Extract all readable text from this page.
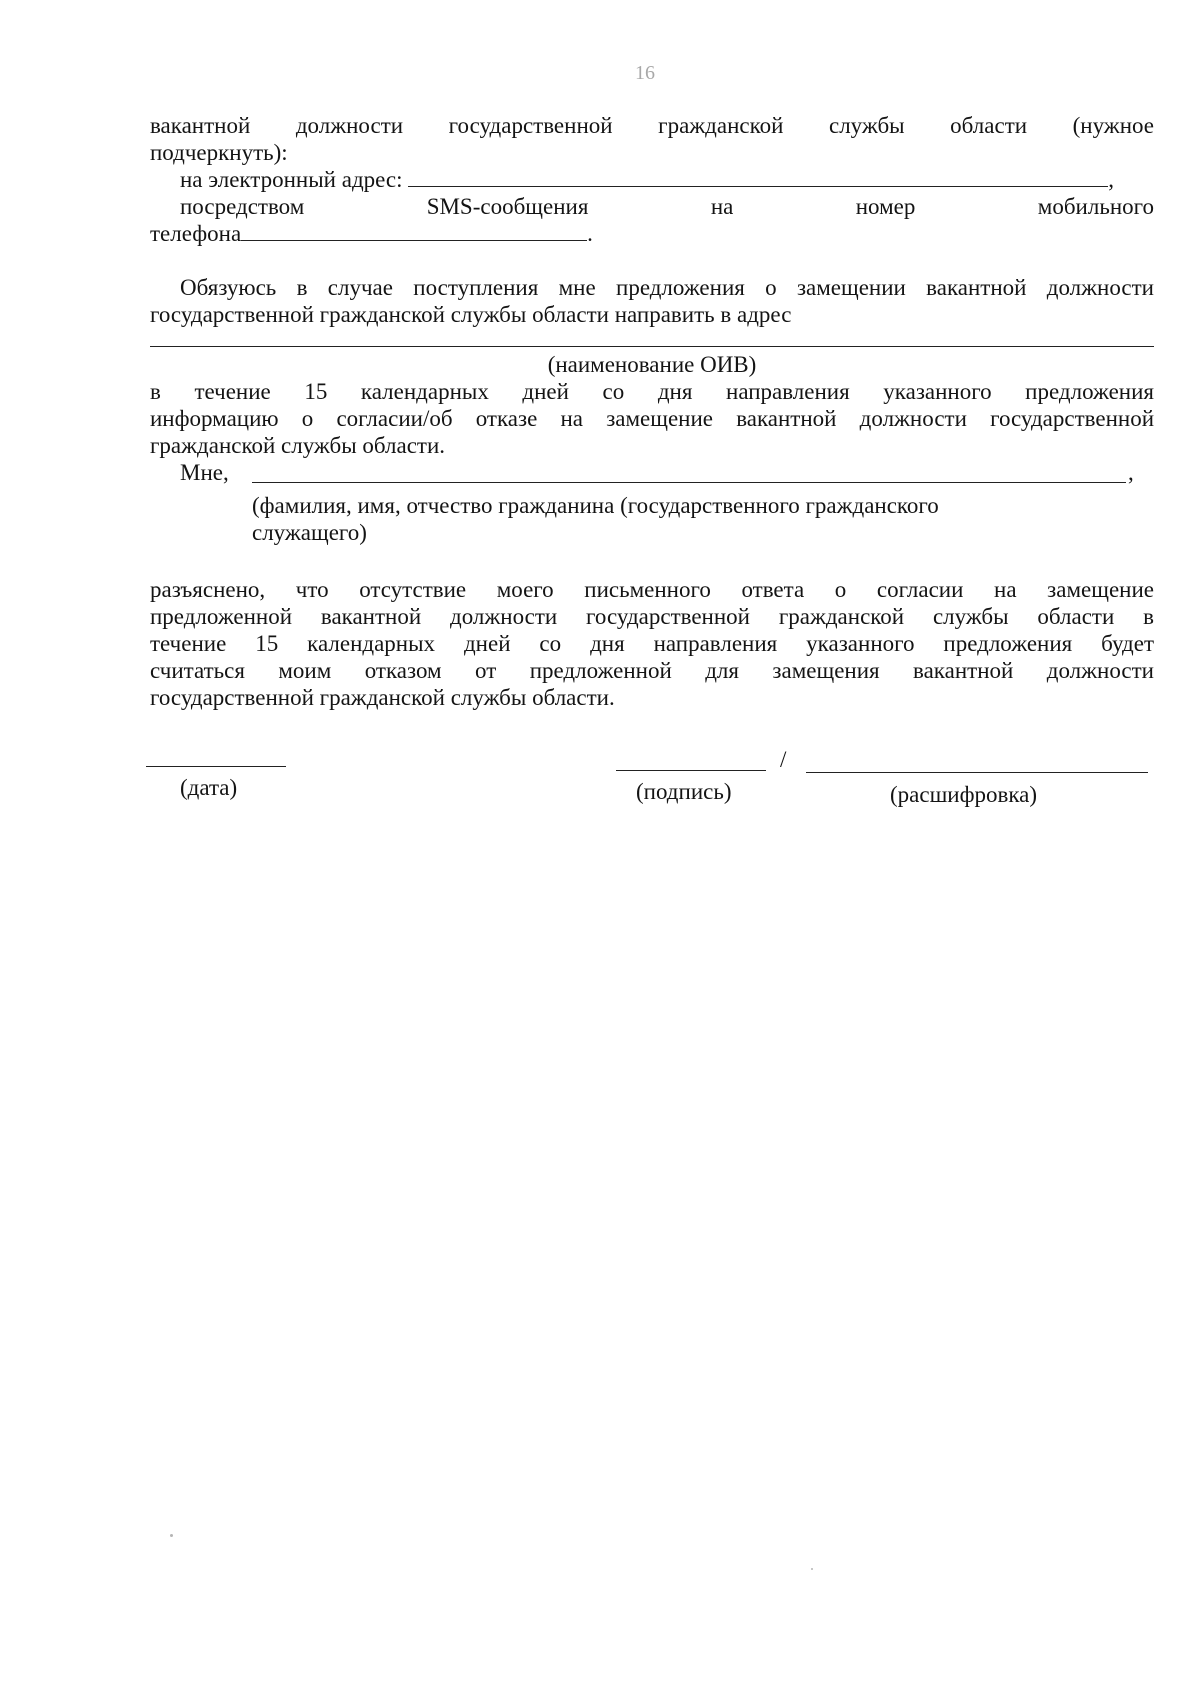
16
вакантной должности государственной гражданской службы области (нужное
подчеркнуть):
на электронный адрес:	,
посредством	SMS-сообщения	на	номер	мобильного
телефона	.
Обязуюсь в случае поступления мне предложения о замещении вакантной должности
государственной гражданской службы области направить в адрес
(наименование ОИВ)
в течение 15 календарных дней со дня направления указанного предложения
информацию о согласии/об отказе на замещение вакантной должности государственной
гражданской службы области.
Мне,	,
(фамилия, имя, отчество гражданина (государственного гражданского
служащего)
разъяснено, что отсутствие моего письменного ответа о согласии на замещение
предложенной вакантной должности государственной гражданской службы области в
течение 15 календарных дней со дня направления указанного предложения будет
считаться моим отказом от предложенной для замещения вакантной должности
государственной гражданской службы области.
(дата)
/
(подпись)	(расшифровка)
